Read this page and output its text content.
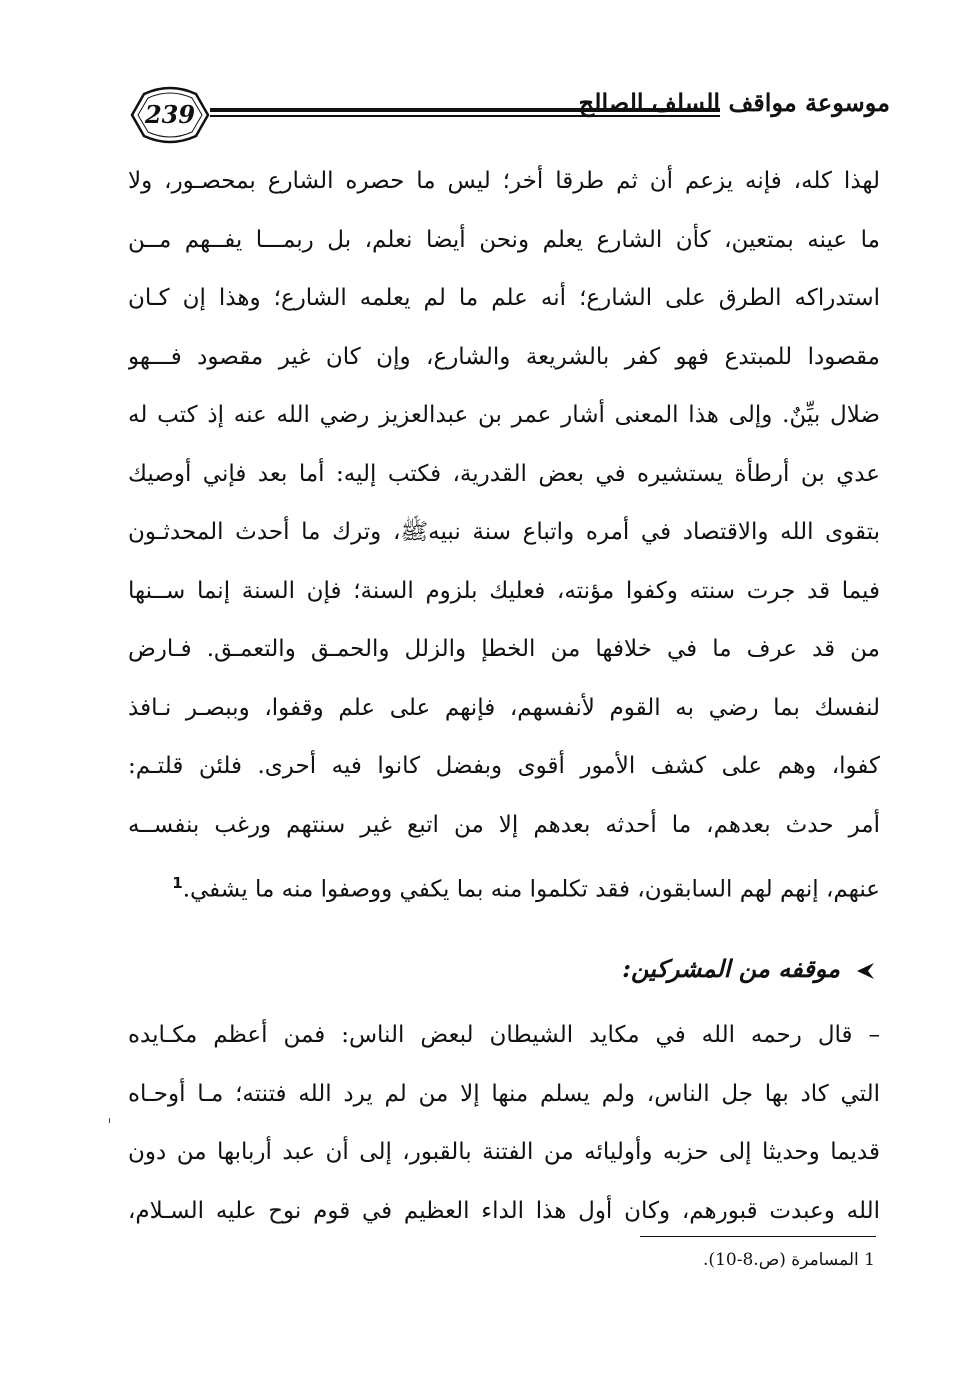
239	موسوعة مواقف السلف الصالح
لهذا كله، فإنه يزعم أن ثم طرقا أخر؛ ليس ما حصره الشارع بمحصـور، ولا
ما عينه بمتعين، كأن الشارع يعلم ونحن أيضا نعلم، بل ربمـــا يفــهم مــن
استدراكه الطرق على الشارع؛ أنه علم ما لم يعلمه الشارع؛ وهذا إن كـان
مقصودا للمبتدع فهو كفر بالشريعة والشارع، وإن كان غير مقصود فـــهو
ضلال بيِّنٌ. وإلى هذا المعنى أشار عمر بن عبدالعزيز رضي الله عنه إذ كتب له
عدي بن أرطأة يستشيره في بعض القدرية، فكتب إليه: أما بعد فإني أوصيك
بتقوى الله والاقتصاد في أمره واتباع سنة نبيهﷺ، وترك ما أحدث المحدثـون
فيما قد جرت سنته وكفوا مؤنته، فعليك بلزوم السنة؛ فإن السنة إنما ســنها
من قد عرف ما في خلافها من الخطإ والزلل والحمـق والتعمـق. فـارض
لنفسك بما رضي به القوم لأنفسهم، فإنهم على علم وقفوا، وببصـر نـافذ
كفوا، وهم على كشف الأمور أقوى وبفضل كانوا فيه أحرى. فلئن قلتـم:
أمر حدث بعدهم، ما أحدثه بعدهم إلا من اتبع غير سنتهم ورغب بنفســه
عنهم، إنهم لهم السابقون، فقد تكلموا منه بما يكفي ووصفوا منه ما يشفي.$^1$
موقفه من المشركين:
– قال رحمه الله في مكايد الشيطان لبعض الناس: فمن أعظم مكـايده
التي كاد بها جل الناس، ولم يسلم منها إلا من لم يرد الله فتنته؛ مـا أوحـاه
قديما وحديثا إلى حزبه وأوليائه من الفتنة بالقبور، إلى أن عبد أربابها من دون
الله وعبدت قبورهم، وكان أول هذا الداء العظيم في قوم نوح عليه السـلام،
1 المسامرة (ص.8-10).
